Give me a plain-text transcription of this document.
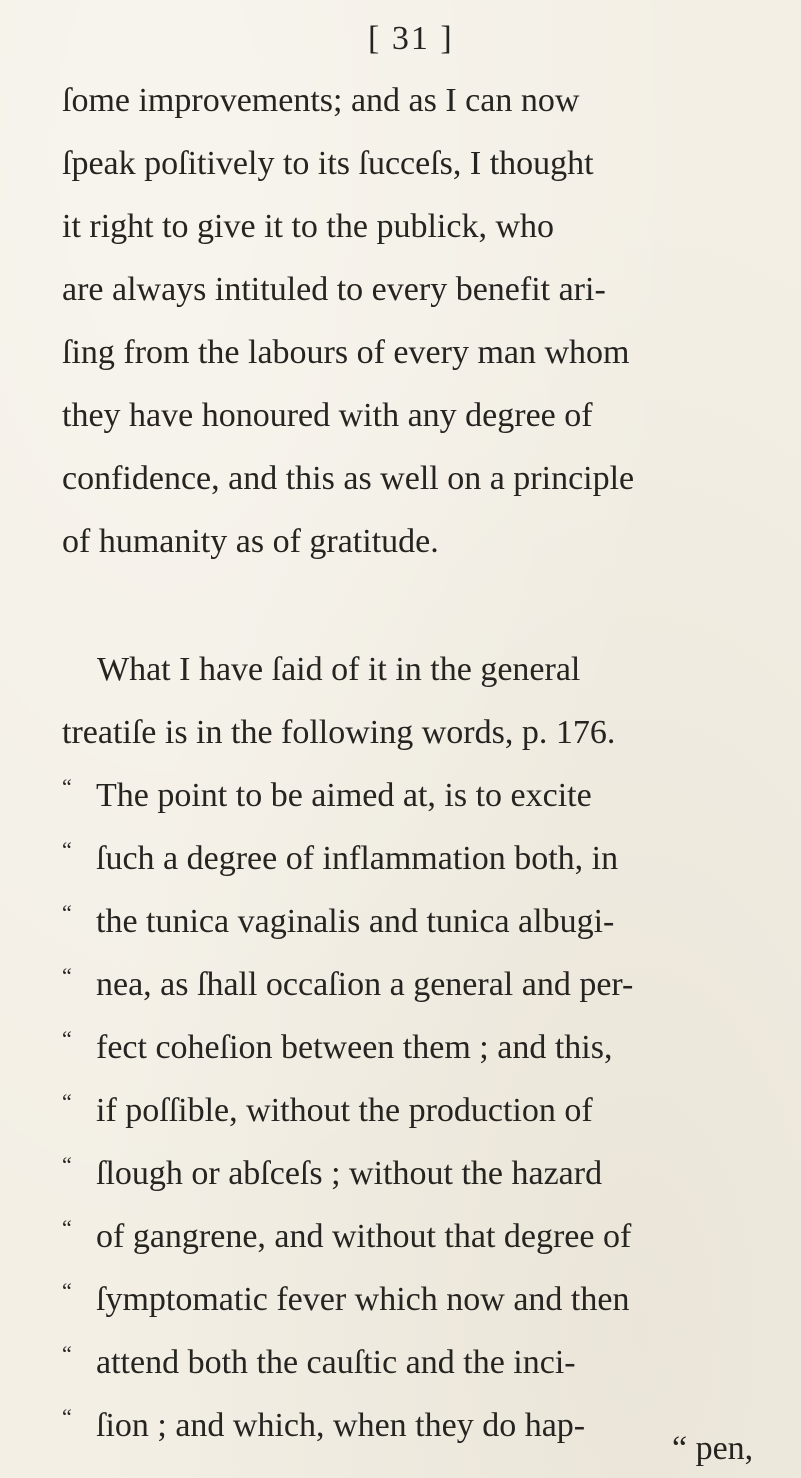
[ 31 ]
ſome improvements; and as I can now
ſpeak poſitively to its ſucceſs, I thought
it right to give it to the publick, who
are always intituled to every benefit ari-
ſing from the labours of every man whom
they have honoured with any degree of
confidence, and this as well on a principle
of humanity as of gratitude.
What I have ſaid of it in the general
treatiſe is in the following words, p. 176.
“ The point to be aimed at, is to excite
“ ſuch a degree of inflammation both, in
“ the tunica vaginalis and tunica albugi-
“ nea, as ſhall occaſion a general and per-
“ fect coheſion between them ; and this,
“ if poſſible, without the production of
“ ſlough or abſceſs ; without the hazard
“ of gangrene, and without that degree of
“ ſymptomatic fever which now and then
“ attend both the cauſtic and the inci-
“ ſion ; and which, when they do hap-
“ pen,
